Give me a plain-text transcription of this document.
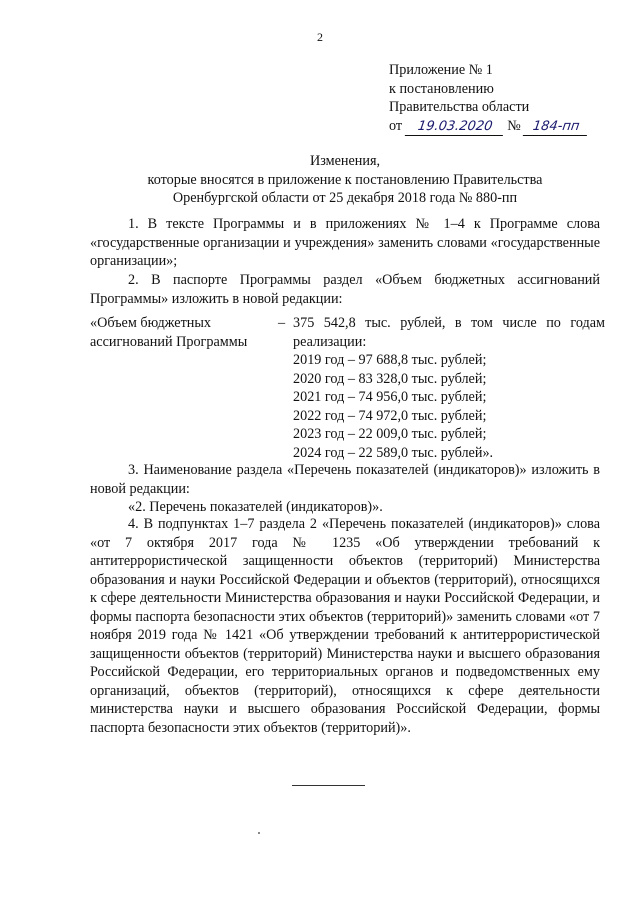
2
Приложение № 1
к постановлению
Правительства области
от 19.03.2020 № 184-пп
Изменения,
которые вносятся в приложение к постановлению Правительства
Оренбургской области от 25 декабря 2018 года № 880-пп

1. В тексте Программы и в приложениях № 1–4 к Программе слова «государственные организации и учреждения» заменить словами «государственные организации»;

2. В паспорте Программы раздел «Объем бюджетных ассигнований Программы» изложить в новой редакции:

«Объем бюджетных ассигнований Программы
– 375 542,8 тыс. рублей, в том числе по годам реализации:
2019 год – 97 688,8 тыс. рублей;
2020 год – 83 328,0 тыс. рублей;
2021 год – 74 956,0 тыс. рублей;
2022 год – 74 972,0 тыс. рублей;
2023 год – 22 009,0 тыс. рублей;
2024 год – 22 589,0 тыс. рублей».

3. Наименование раздела «Перечень показателей (индикаторов)» изложить в новой редакции:

«2. Перечень показателей (индикаторов)».

4. В подпунктах 1–7 раздела 2 «Перечень показателей (индикаторов)» слова «от 7 октября 2017 года № 1235 «Об утверждении требований к антитеррористической защищенности объектов (территорий) Министерства образования и науки Российской Федерации и объектов (территорий), относящихся к сфере деятельности Министерства образования и науки Российской Федерации, и формы паспорта безопасности этих объектов (территорий)» заменить словами «от 7 ноября 2019 года № 1421 «Об утверждении требований к антитеррористической защищенности объектов (территорий) Министерства науки и высшего образования Российской Федерации, его территориальных органов и подведомственных ему организаций, объектов (территорий), относящихся к сфере деятельности министерства науки и высшего образования Российской Федерации, формы паспорта безопасности этих объектов (территорий)».
